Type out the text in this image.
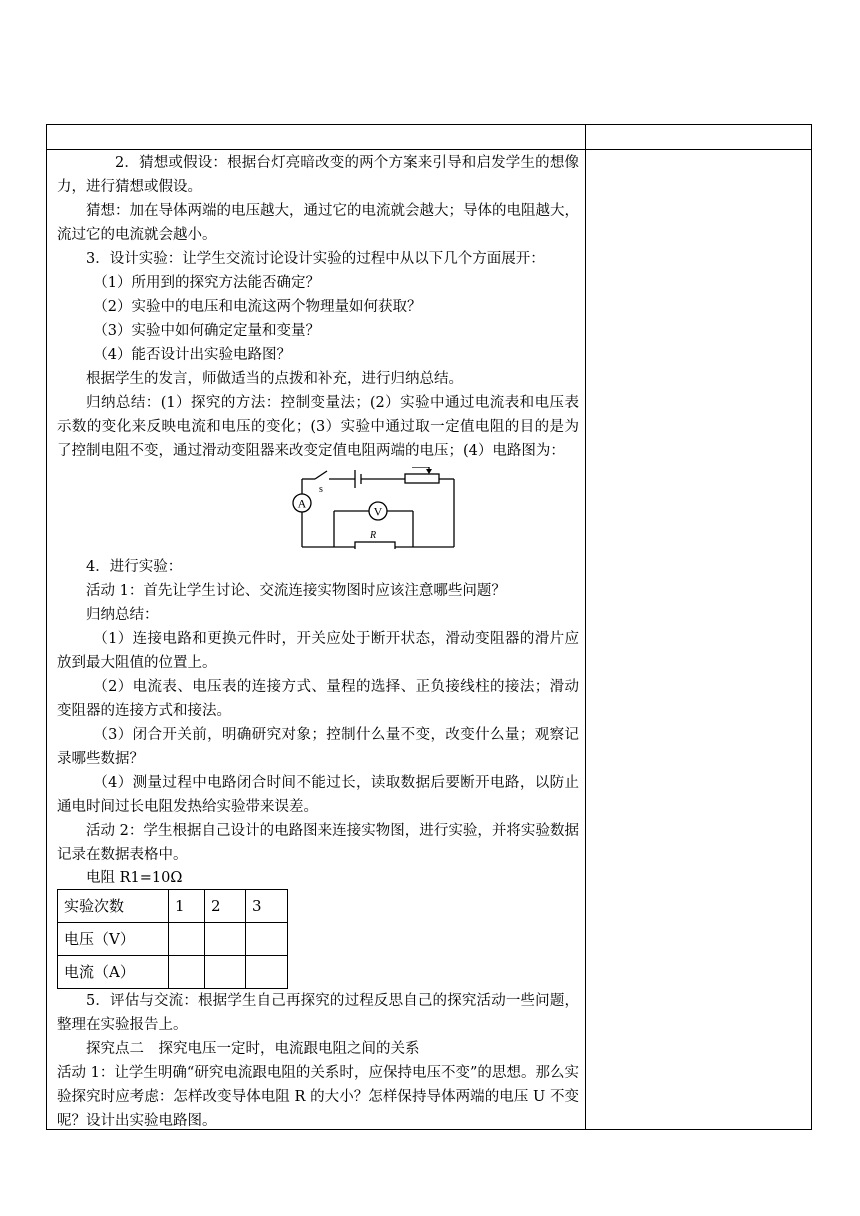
2．猜想或假设：根据台灯亮暗改变的两个方案来引导和启发学生的想像力，进行猜想或假设。

猜想：加在导体两端的电压越大，通过它的电流就会越大；导体的电阻越大，流过它的电流就会越小。

3．设计实验：让学生交流讨论设计实验的过程中从以下几个方面展开：

（1）所用到的探究方法能否确定？

（2）实验中的电压和电流这两个物理量如何获取？

（3）实验中如何确定定量和变量？

（4）能否设计出实验电路图？

根据学生的发言，师做适当的点拨和补充，进行归纳总结。

归纳总结：(1）探究的方法：控制变量法；(2）实验中通过电流表和电压表示数的变化来反映电流和电压的变化；(3）实验中通过取一定值电阻的目的是为了控制电阻不变，通过滑动变阻器来改变定值电阻两端的电压；(4）电路图为：

A
V
s
R

4．进行实验：

活动 1：首先让学生讨论、交流连接实物图时应该注意哪些问题？

归纳总结：

（1）连接电路和更换元件时，开关应处于断开状态，滑动变阻器的滑片应放到最大阻值的位置上。

（2）电流表、电压表的连接方式、量程的选择、正负接线柱的接法；滑动变阻器的连接方式和接法。

（3）闭合开关前，明确研究对象；控制什么量不变，改变什么量；观察记录哪些数据？

（4）测量过程中电路闭合时间不能过长，读取数据后要断开电路，以防止通电时间过长电阻发热给实验带来误差。

活动 2：学生根据自己设计的电路图来连接实物图，进行实验，并将实验数据记录在数据表格中。

电阻 R1=10Ω

实验次数	1	2	3
电压（V）			
电流（A）			

5．评估与交流：根据学生自己再探究的过程反思自己的探究活动一些问题，整理在实验报告上。

探究点二　探究电压一定时，电流跟电阻之间的关系

活动 1：让学生明确“研究电流跟电阻的关系时，应保持电压不变”的思想。那么实验探究时应考虑：怎样改变导体电阻 R 的大小？怎样保持导体两端的电压 U 不变呢？设计出实验电路图。
